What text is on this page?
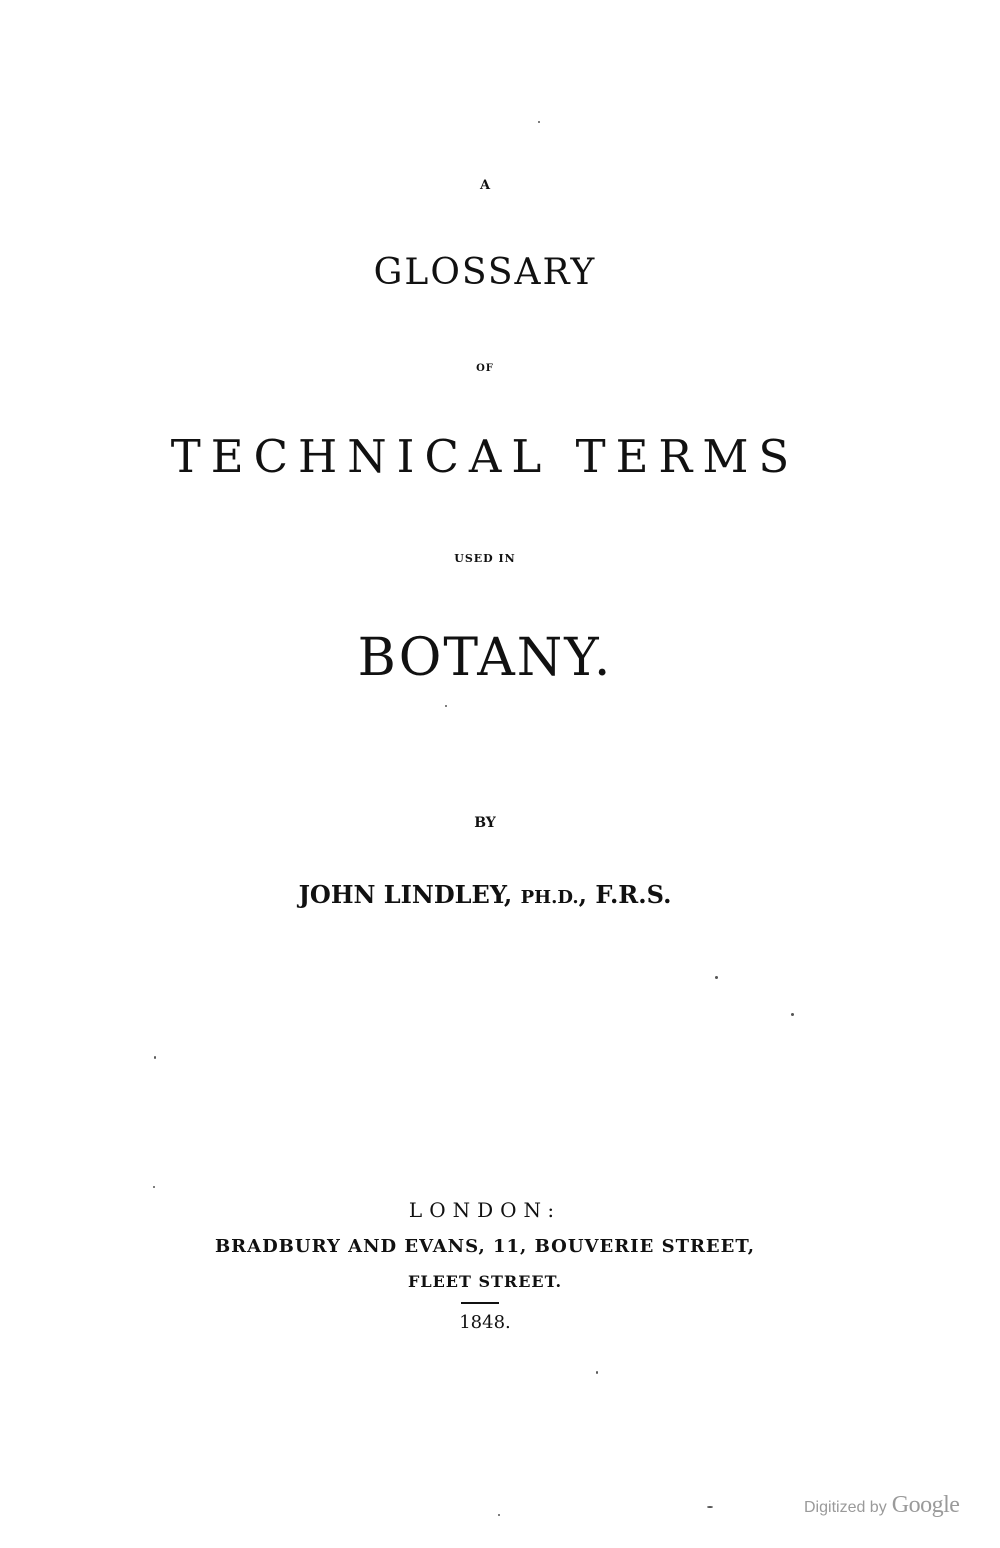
A
GLOSSARY
OF
TECHNICAL TERMS
USED IN
BOTANY.
BY
JOHN LINDLEY, PH.D., F.R.S.
LONDON:
BRADBURY AND EVANS, 11, BOUVERIE STREET,
FLEET STREET.
1848.
Digitized by Google
